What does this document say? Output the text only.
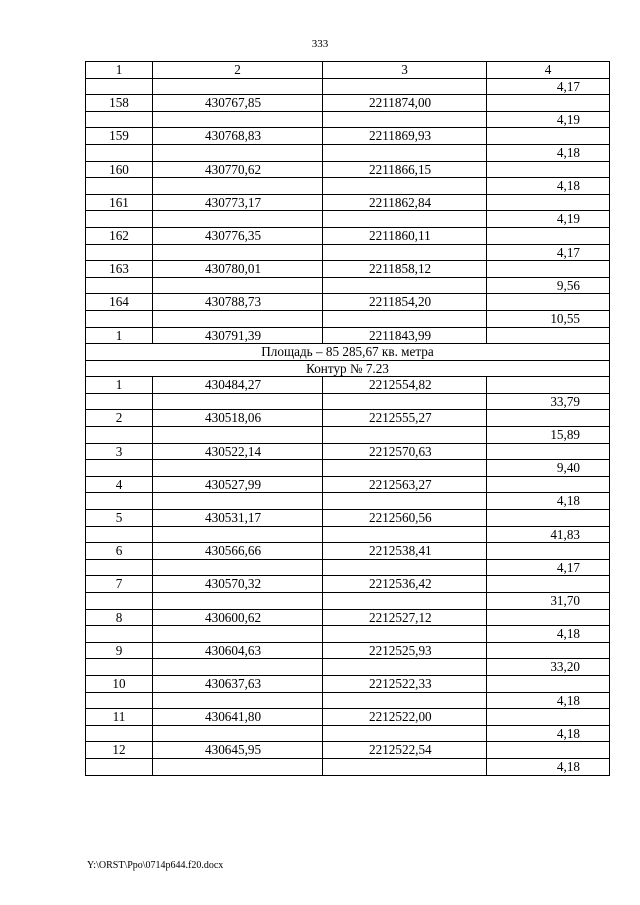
333
1	2	3	4
			4,17
158	430767,85	2211874,00	
			4,19
159	430768,83	2211869,93	
			4,18
160	430770,62	2211866,15	
			4,18
161	430773,17	2211862,84	
			4,19
162	430776,35	2211860,11	
			4,17
163	430780,01	2211858,12	
			9,56
164	430788,73	2211854,20	
			10,55
1	430791,39	2211843,99	
Площадь – 85 285,67 кв. метра			
Контур № 7.23			
1	430484,27	2212554,82	
			33,79
2	430518,06	2212555,27	
			15,89
3	430522,14	2212570,63	
			9,40
4	430527,99	2212563,27	
			4,18
5	430531,17	2212560,56	
			41,83
6	430566,66	2212538,41	
			4,17
7	430570,32	2212536,42	
			31,70
8	430600,62	2212527,12	
			4,18
9	430604,63	2212525,93	
			33,20
10	430637,63	2212522,33	
			4,18
11	430641,80	2212522,00	
			4,18
12	430645,95	2212522,54	
			4,18
Y:\ORST\Ppo\0714p644.f20.docx
